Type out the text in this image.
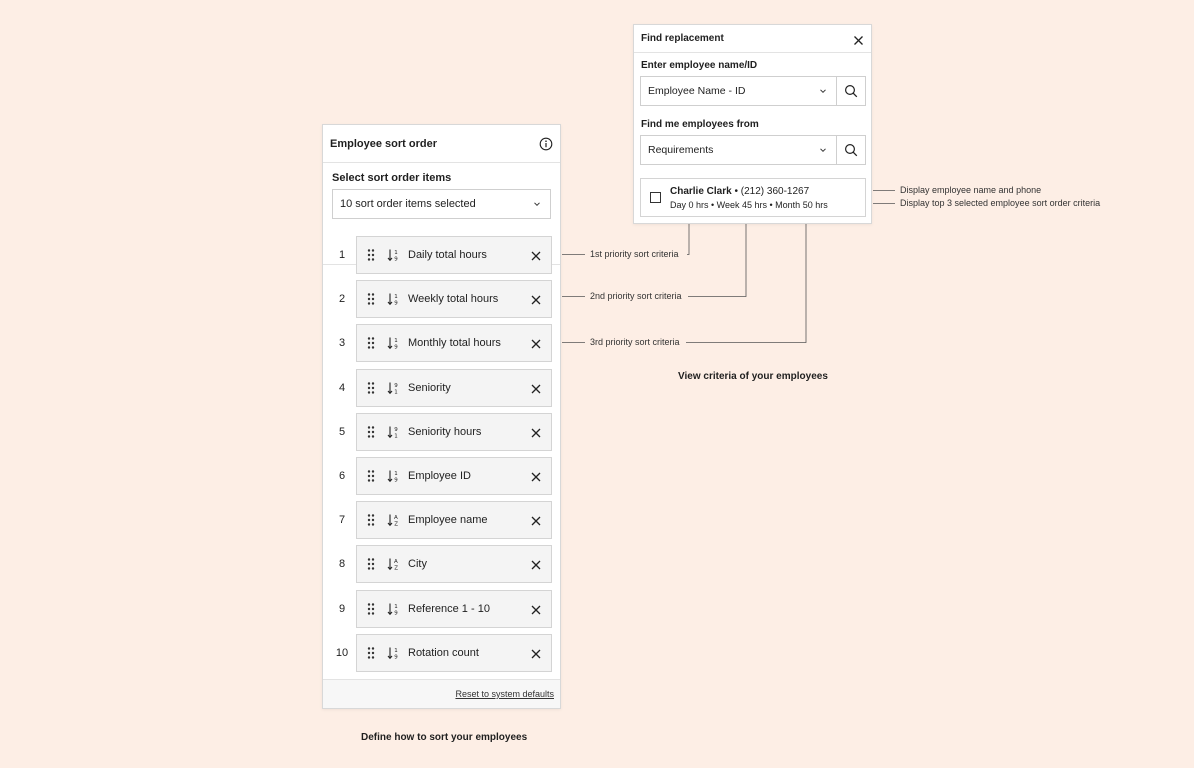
Employee sort order
Select sort order items
10 sort order items selected
1	1
9 Daily total hours
2	1
9 Weekly total hours
3	1
9 Monthly total hours
4	9
1 Seniority
5	9
1 Seniority hours
6	1
9 Employee ID
7	A
Z Employee name
8	A
Z City
9	1
9 Reference 1 - 10
10	1
9 Rotation count
Reset to system defaults
Define how to sort your employees
Find replacement
Enter employee name/ID
Employee Name - ID
Find me employees from
Requirements
Charlie Clark • (212) 360-1267
Day 0 hrs • Week 45 hrs • Month 50 hrs
View criteria of your employees
1st priority sort criteria
2nd priority sort criteria
3rd priority sort criteria
Display employee name and phone
Display top 3 selected employee sort order criteria
